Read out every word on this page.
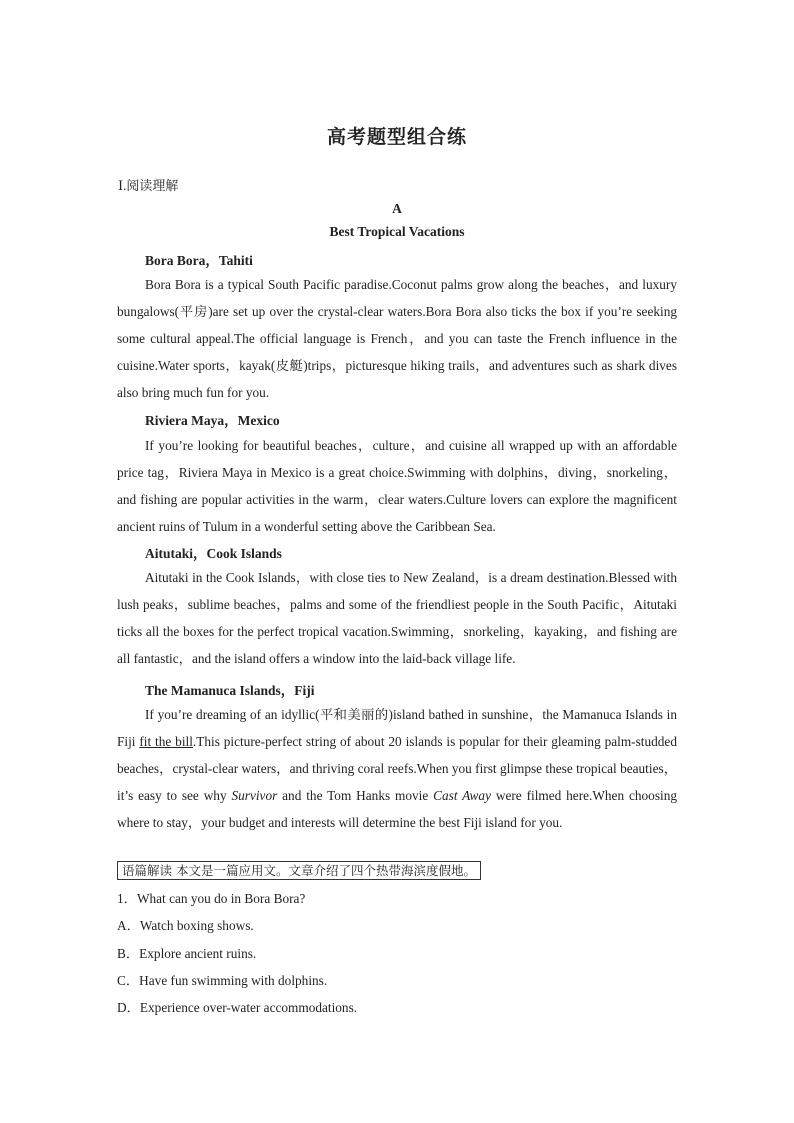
高考题型组合练
Ⅰ.阅读理解
A
Best Tropical Vacations
Bora Bora，Tahiti

Bora Bora is a typical South Pacific paradise.Coconut palms grow along the beaches，and luxury bungalows(平房)are set up over the crystal-clear waters.Bora Bora also ticks the box if you’re seeking some cultural appeal.The official language is French，and you can taste the French influence in the cuisine.Water sports，kayak(皮艇)trips，picturesque hiking trails，and adventures such as shark dives also bring much fun for you.

Riviera Maya，Mexico

If you’re looking for beautiful beaches，culture，and cuisine all wrapped up with an affordable price tag，Riviera Maya in Mexico is a great choice.Swimming with dolphins，diving，snorkeling，and fishing are popular activities in the warm，clear waters.Culture lovers can explore the magnificent ancient ruins of Tulum in a wonderful setting above the Caribbean Sea.

Aitutaki，Cook Islands

Aitutaki in the Cook Islands，with close ties to New Zealand，is a dream destination.Blessed with lush peaks，sublime beaches，palms and some of the friendliest people in the South Pacific，Aitutaki ticks all the boxes for the perfect tropical vacation.Swimming，snorkeling，kayaking，and fishing are all fantastic，and the island offers a window into the laid-back village life.

The Mamanuca Islands，Fiji

If you’re dreaming of an idyllic(平和美丽的)island bathed in sunshine，the Mamanuca Islands in Fiji fit the bill.This picture-perfect string of about 20 islands is popular for their gleaming palm-studded beaches，crystal-clear waters，and thriving coral reefs.When you first glimpse these tropical beauties，it’s easy to see why Survivor and the Tom Hanks movie Cast Away were filmed here.When choosing where to stay，your budget and interests will determine the best Fiji island for you.

语篇解读 本文是一篇应用文。文章介绍了四个热带海滨度假地。
1．What can you do in Bora Bora?
A．Watch boxing shows.
B．Explore ancient ruins.
C．Have fun swimming with dolphins.
D．Experience over-water accommodations.
